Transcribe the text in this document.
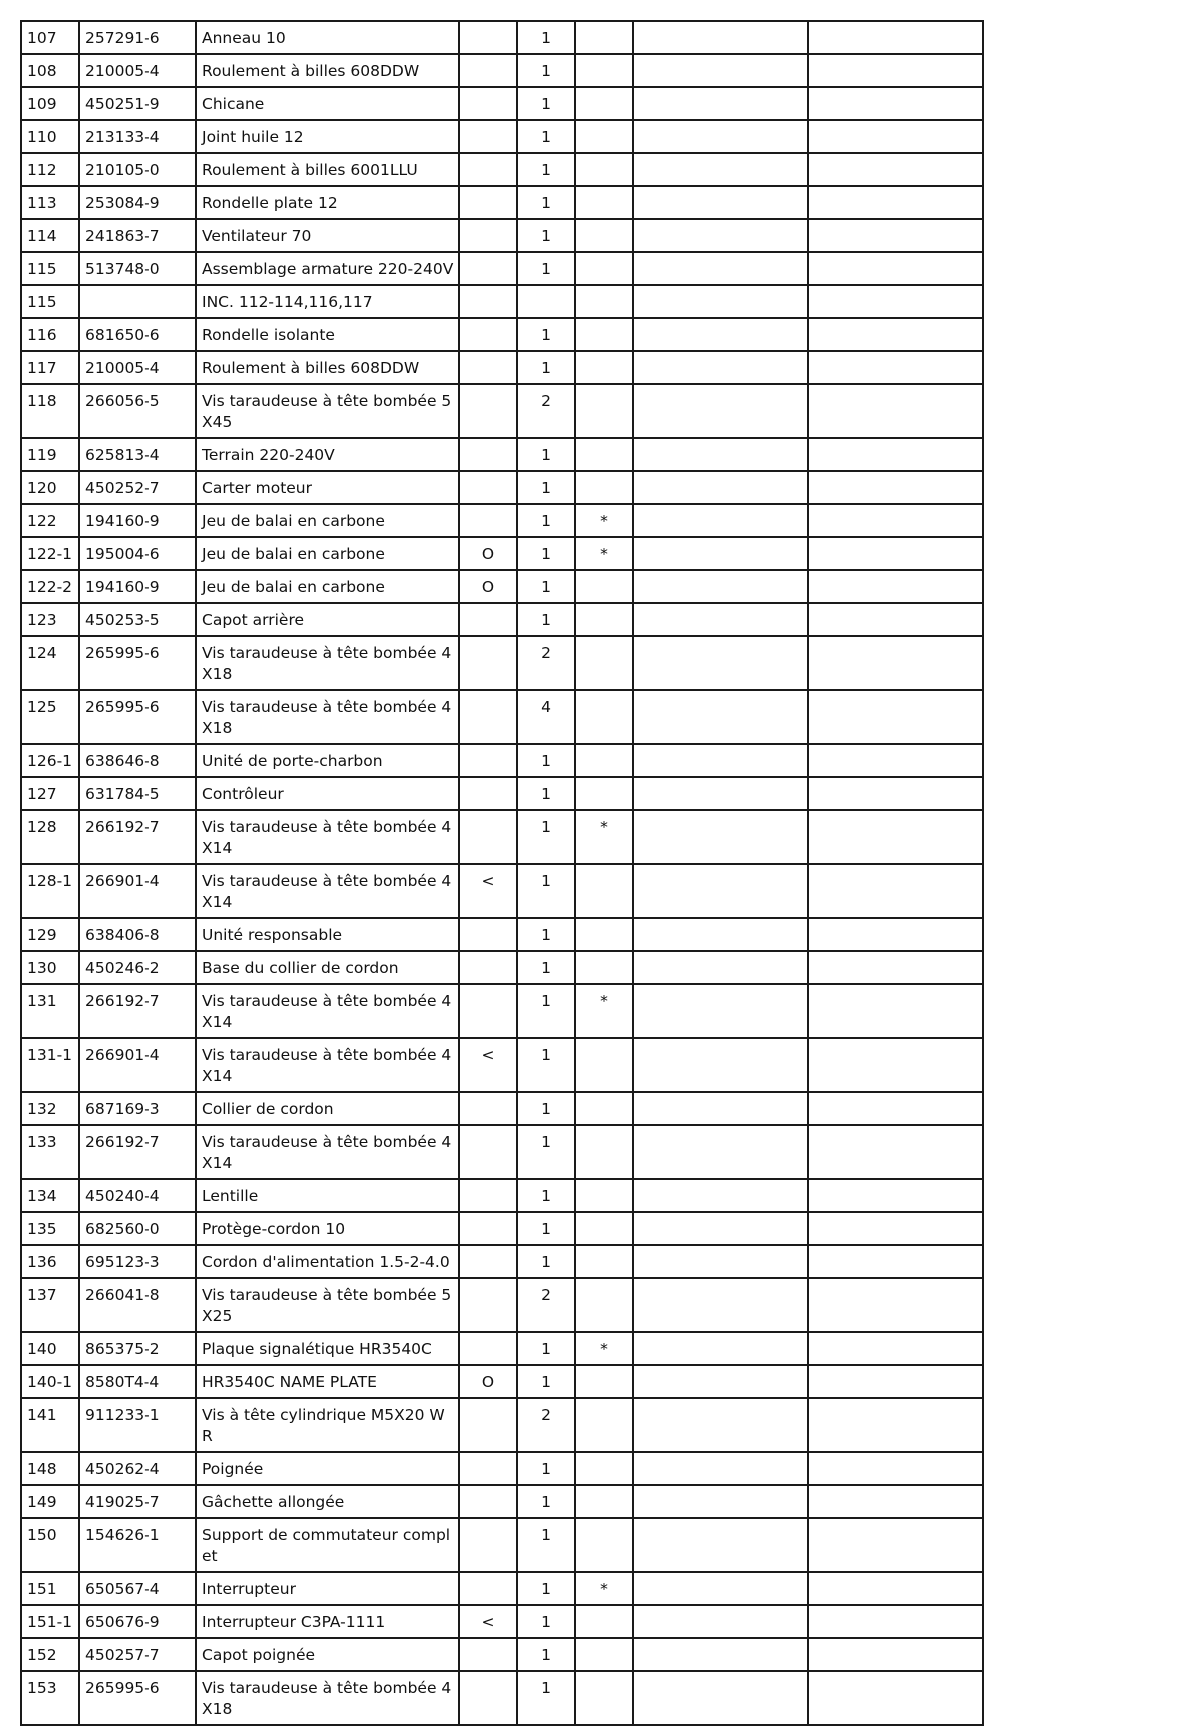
107	257291-6	Anneau 10		1			
108	210005-4	Roulement à billes 608DDW		1			
109	450251-9	Chicane		1			
110	213133-4	Joint huile 12		1			
112	210105-0	Roulement à billes 6001LLU		1			
113	253084-9	Rondelle plate 12		1			
114	241863-7	Ventilateur 70		1			
115	513748-0	Assemblage armature 220-240V		1			
115		INC. 112-114,116,117					
116	681650-6	Rondelle isolante		1			
117	210005-4	Roulement à billes 608DDW		1			
118	266056-5	Vis taraudeuse à tête bombée 5X45		2			
119	625813-4	Terrain 220-240V		1			
120	450252-7	Carter moteur		1			
122	194160-9	Jeu de balai en carbone		1	*		
122-1	195004-6	Jeu de balai en carbone	O	1	*		
122-2	194160-9	Jeu de balai en carbone	O	1			
123	450253-5	Capot arrière		1			
124	265995-6	Vis taraudeuse à tête bombée 4X18		2			
125	265995-6	Vis taraudeuse à tête bombée 4X18		4			
126-1	638646-8	Unité de porte-charbon		1			
127	631784-5	Contrôleur		1			
128	266192-7	Vis taraudeuse à tête bombée 4X14		1	*		
128-1	266901-4	Vis taraudeuse à tête bombée 4X14	<	1			
129	638406-8	Unité responsable		1			
130	450246-2	Base du collier de cordon		1			
131	266192-7	Vis taraudeuse à tête bombée 4X14		1	*		
131-1	266901-4	Vis taraudeuse à tête bombée 4X14	<	1			
132	687169-3	Collier de cordon		1			
133	266192-7	Vis taraudeuse à tête bombée 4X14		1			
134	450240-4	Lentille		1			
135	682560-0	Protège-cordon 10		1			
136	695123-3	Cordon d'alimentation 1.5-2-4.0		1			
137	266041-8	Vis taraudeuse à tête bombée 5X25		2			
140	865375-2	Plaque signalétique HR3540C		1	*		
140-1	8580T4-4	HR3540C NAME PLATE	O	1			
141	911233-1	Vis à tête cylindrique M5X20 WR		2			
148	450262-4	Poignée		1			
149	419025-7	Gâchette allongée		1			
150	154626-1	Support de commutateur complet		1			
151	650567-4	Interrupteur		1	*		
151-1	650676-9	Interrupteur C3PA-1111	<	1			
152	450257-7	Capot poignée		1			
153	265995-6	Vis taraudeuse à tête bombée 4X18		1			
